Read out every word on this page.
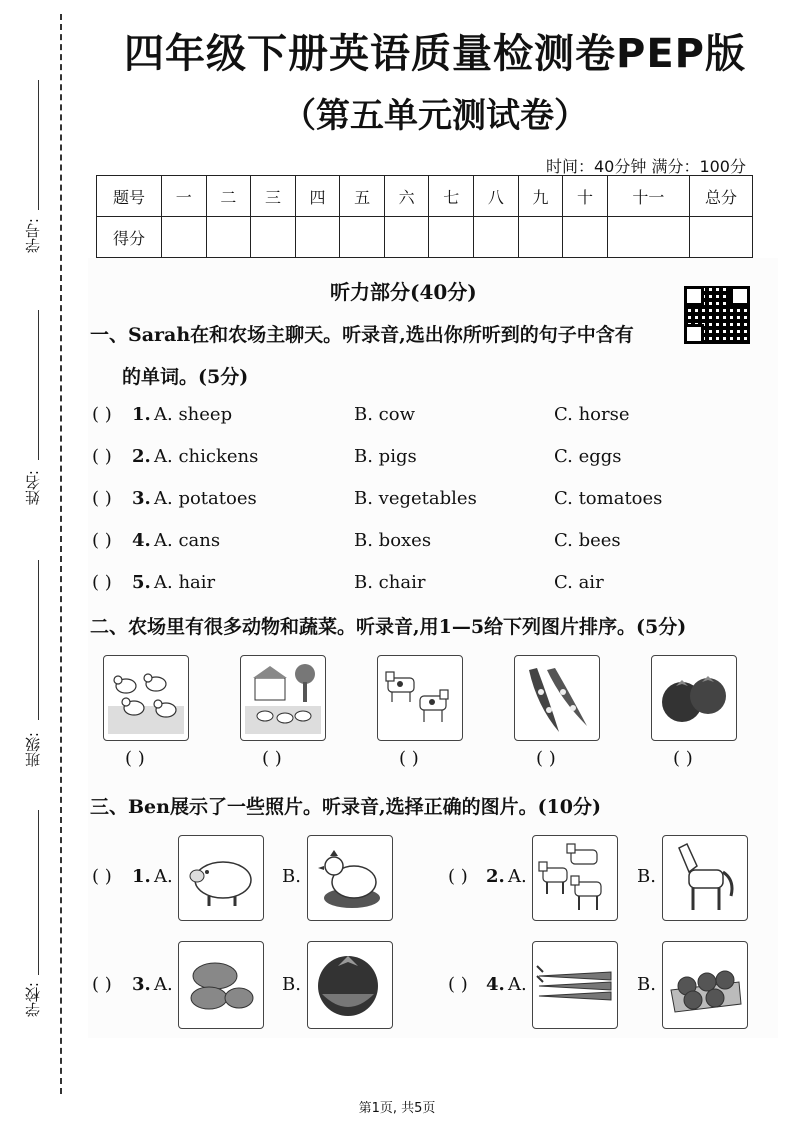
学号:
姓名:
班级:
学校:
四年级下册英语质量检测卷PEP版
（第五单元测试卷）
时间：40分钟 满分：100分
题号	一	二	三	四	五	六	七	八	九	十	十一	总分
得分												
听力部分(40分)
一、Sarah在和农场主聊天。听录音,选出你所听到的句子中含有
的单词。(5分)
( ) 1. A. sheep	B. cow	C. horse
( ) 2. A. chickens	B. pigs	C. eggs
( ) 3. A. potatoes	B. vegetables	C. tomatoes
( ) 4. A. cans	B. boxes	C. bees
( ) 5. A. hair	B. chair	C. air
二、农场里有很多动物和蔬菜。听录音,用1—5给下列图片排序。(5分)
( )	( )	( )	( )	( )
三、Ben展示了一些照片。听录音,选择正确的图片。(10分)
( ) 1. A.	B.	( ) 2. A.	B.
( ) 3. A.	B.	( ) 4. A.	B.
第1页, 共5页
